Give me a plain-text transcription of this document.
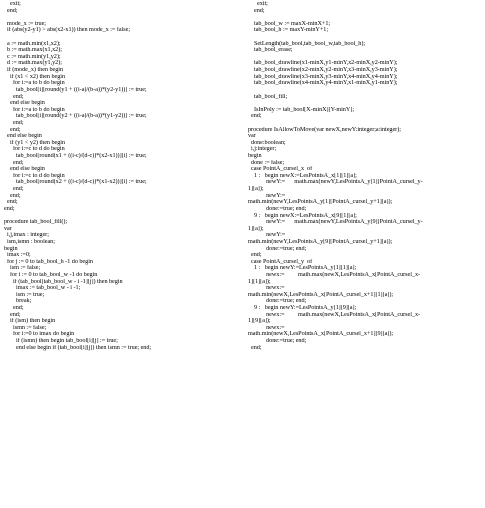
exit;
end;

mode_x := true;
if (abs(y2-y1) > abs(x2-x1)) then mode_x := false;

a := math.min(x1,x2);
b := math.max(x1,x2);
c := math.min(y1,y2);
d := math.max(y1,y2);
if (mode_x) then begin
if (x1 < x2) then begin
for i:=a to b do begin
tab_bool[i][round(y1 + ((i-a)/(b-a))*(y2-y1))] := true;
end;
end else begin
for i:=a to b do begin
tab_bool[i][round(y2 + ((i-a)/(b-a))*(y1-y2))] := true;
end;
end;
end else begin
if (y1 < y2) then begin
for i:=c to d do begin
tab_bool[round(x1 + ((i-c)/(d-c))*(x2-x1))][i] := true;
end;
end else begin
for i:=c to d do begin
tab_bool[round(x2 + ((i-c)/(d-c))*(x1-x2))][i] := true;
end;
end;
end;
end;

procedure tab_bool_fill();
var
i,j,imax : integer;
ism,ismn : boolean;
begin
imax :=0;
for j := 0 to tab_bool_h -1 do begin
ism := false;
for i := 0 to tab_bool_w -1 do begin
if (tab_bool[tab_bool_w - i -1][j]) then begin
imax := tab_bool_w - i -1;
ism := true;
break;
end;
end;
if (ism) then begin
ismn := false;
for i:=0 to imax do begin
if (ismn) then begin tab_bool[i][j] := true;
end else begin if (tab_bool[i][j]) then ismn := true; end;
exit;
end;

tab_bool_w := maxX-minX+1;
tab_bool_h := maxY-minY+1;

SetLength(tab_bool,tab_bool_w,tab_bool_h);
tab_bool_erase;

tab_bool_drawline(x1-minX,y1-minY,x2-minX,y2-minY);
tab_bool_drawline(x2-minX,y2-minY,x3-minX,y3-minY);
tab_bool_drawline(x3-minX,y3-minY,x4-minX,y4-minY);
tab_bool_drawline(x4-minX,y4-minY,x1-minX,y1-minY);

tab_bool_fill;

IsInPoly := tab_bool[X-minX][Y-minY];
end;

procedure IsAllowToMove(var newX,newY:integer;a:integer);
var
done:boolean;
i,j:integer;
begin
done := false;
case PointA_cursel_x  of
1 :   begin newX:=LesPointsA_x[1][1][a];
newY:=      math.max(newY,LesPointsA_y[1][PointA_cursel_y-
1][a]);
newY:=
math.min(newY,LesPointsA_y[1][PointA_cursel_y+1][a]);
done:=true; end;
9 :   begin newX:=LesPointsA_x[9][1][a];
newY:=      math.max(newY,LesPointsA_y[9][PointA_cursel_y-
1][a]);
newY:=
math.min(newY,LesPointsA_y[9][PointA_cursel_y+1][a]);
done:=true; end;
end;
case PointA_cursel_y  of
1 :   begin newY:=LesPointsA_y[1][1][a];
newx:=         math.max(newX,LesPointsA_x[PointA_cursel_x-
1][1][a]);
newx:=
math.min(newX,LesPointsA_x[PointA_cursel_x+1][1][a]);
done:=true; end;
9 :   begin newY:=LesPointsA_y[1][9][a];
newx:=         math.max(newX,LesPointsA_x[PointA_cursel_x-
1][9][a]);
newx:=
math.min(newX,LesPointsA_x[PointA_cursel_x+1][9][a]);
done:=true; end;
end;
